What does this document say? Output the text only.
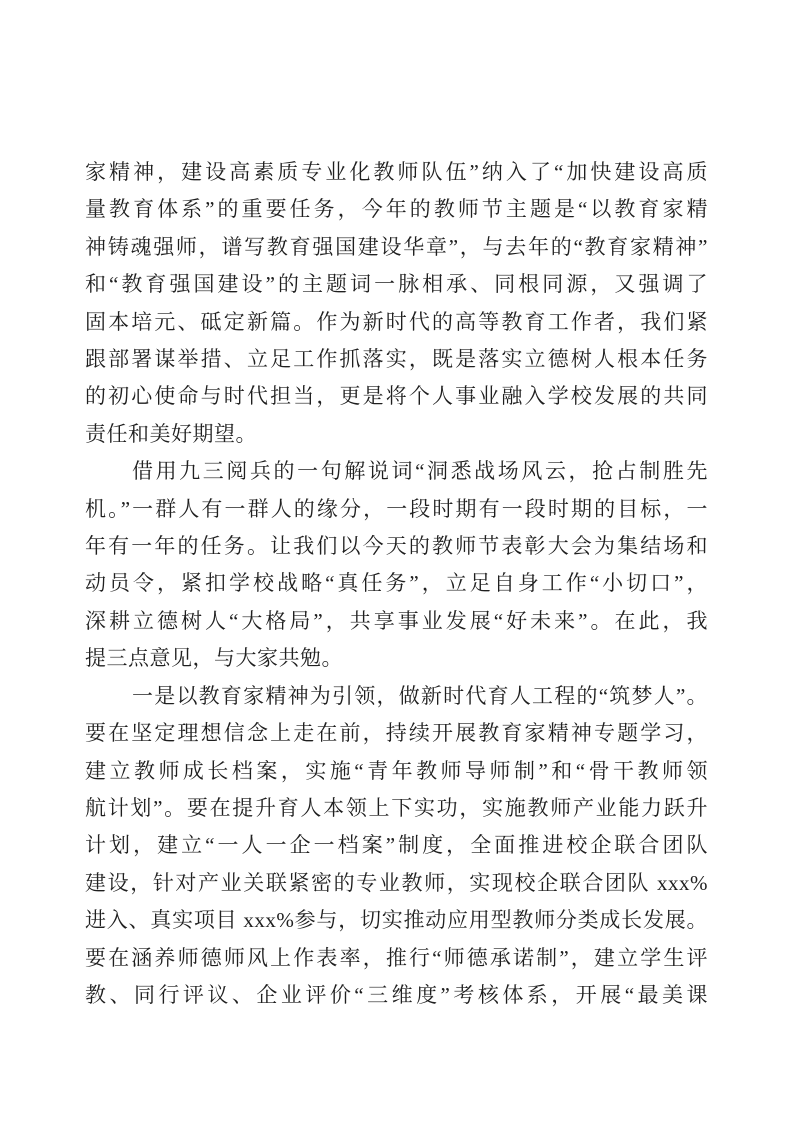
家精神，建设高素质专业化教师队伍”纳入了“加快建设高质
量教育体系”的重要任务，今年的教师节主题是“以教育家精
神铸魂强师，谱写教育强国建设华章”，与去年的“教育家精神”
和“教育强国建设”的主题词一脉相承、同根同源，又强调了
固本培元、砥定新篇。作为新时代的高等教育工作者，我们紧
跟部署谋举措、立足工作抓落实，既是落实立德树人根本任务
的初心使命与时代担当，更是将个人事业融入学校发展的共同
责任和美好期望。
借用九三阅兵的一句解说词“洞悉战场风云，抢占制胜先
机。”一群人有一群人的缘分，一段时期有一段时期的目标，一
年有一年的任务。让我们以今天的教师节表彰大会为集结场和
动员令，紧扣学校战略“真任务”，立足自身工作“小切口”，
深耕立德树人“大格局”，共享事业发展“好未来”。在此，我
提三点意见，与大家共勉。
一是以教育家精神为引领，做新时代育人工程的“筑梦人”。
要在坚定理想信念上走在前，持续开展教育家精神专题学习，
建立教师成长档案，实施“青年教师导师制”和“骨干教师领
航计划”。要在提升育人本领上下实功，实施教师产业能力跃升
计划，建立“一人一企一档案”制度，全面推进校企联合团队
建设，针对产业关联紧密的专业教师，实现校企联合团队 xxx%
进入、真实项目 xxx%参与，切实推动应用型教师分类成长发展。
要在涵养师德师风上作表率，推行“师德承诺制”，建立学生评
教、同行评议、企业评价“三维度”考核体系，开展“最美课
